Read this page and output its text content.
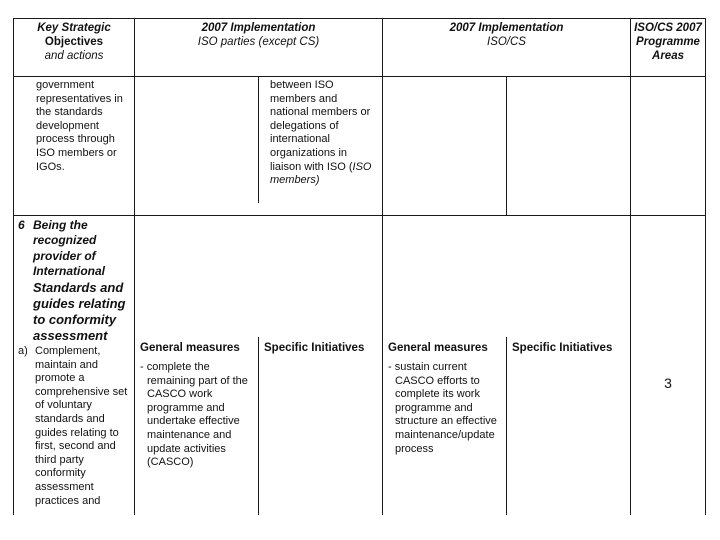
Key Strategic
Objectives
and actions
2007 Implementation
ISO parties (except CS)
2007 Implementation
ISO/CS
ISO/CS 2007
Programme
Areas
government
representatives in
the standards
development
process through
ISO members or
IGOs.
between ISO
members and
national members or
delegations of
international
organizations in
liaison with ISO (ISO
members)
6 Being the
recognized
provider of
International
Standards and
guides relating
to conformity
assessment
a) Complement,
maintain and
promote a
comprehensive set
of voluntary
standards and
guides relating to
first, second and
third party
conformity
assessment
practices and
General measures Specific Initiatives General measures Specific Initiatives
- complete the
remaining part of the
CASCO work
programme and
undertake effective
maintenance and
update activities
(CASCO)
- sustain current
CASCO efforts to
complete its work
programme and
structure an effective
maintenance/update
process
3
